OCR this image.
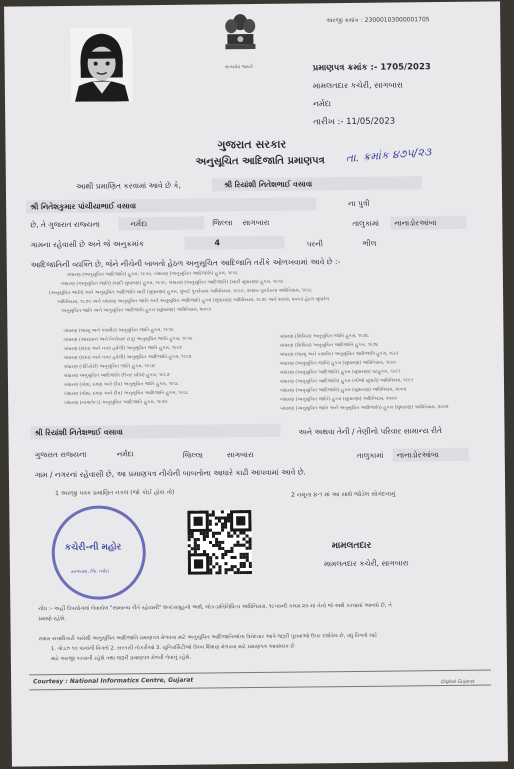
અરજી ક્રમાંક : 23000103000001705
સત્યમેવ જયતે	પ્રમાણપત્ર ક્રમાંક :- 1705/2023
મામલતદાર કચેરી, સાગબારા
નર્મદા
તારીખ :- 11/05/2023
ગુજરાત સરકાર
અનુસૂચિત આદિજાતિ પ્રમાણપત્ર તા. ક્રમાંક ૪૭૫/૨૩
આથી પ્રમાણિત કરવામાં આવે છે કે,	શ્રી રિયાંશી નિતેશભાઈ વસાવા
શ્રી નિતેશકુમાર પાંચીયાભાઈ વસાવા	ના પુત્રી
છે, તે ગુજરાત રાજ્યના	નર્મદા	જિલ્લા સાગબારા	તાલુકામાં નાનાડોરઆંબા
ગામના રહેવાસી છે અને જે અનુક્રમાંક	4	પરની	ભીલ
આદિજાતિની વ્યક્તિ છે, જેને નીચેની બાબતો હેઠળ અનુસૂચિત આદિજાતિ તરીકે ઓળખવામાં આવે છે :-
બંધારણ (અનુસૂચિત આદિજાતિ) હુકમ, ૧૯૫૦, બંધારણ (અનુસૂચિત આદિજાતિ) હુકમ, ૧૯૫૬
બંધારણ (અનુસૂચિત જાતિ) (યાદી સુધારણા) હુકમ, ૧૯૫૬, બંધારણ (અનુસૂચિત આદિજાતિ) (યાદી સુધારણા) હુકમ, ૧૯૫૬
(અનુસૂચિત જાતિ) અને અનુસૂચિત આદિજાતિ યાદી (સુધારણા) હુકમ, મુંબઈ પુનર્રચના અધિનિયમ, ૧૯૬૦, પંજાબ પુનર્રચના અધિનિયમ, ૧૯૬૬
અધિનિયમ, ૧૯૭૦ અને બંધારણ અનુસૂચિત જાતિ અને અનુસૂચિત આદિજાતિ હુકમ (સુધારણા) અધિનિયમ, ૧૯૭૬ અને ૨૦૦૨, ૨૦૦૩ હેઠળ સુધારેલ
અનુસૂચિત જાતિ અને અનુસૂચિત આદિજાતિ હુકમ (સુધારણા) અધિનિયમ, ૨૦૦૩
બંધારણ (જમ્મુ અને કાશ્મીર) અનુસૂચિત જાતિ હુકમ, ૧૯૫૬
બંધારણ (આંદામાન અને નિકોબાર ટાપુ) અનુસૂચિત જાતિ હુકમ, ૧૯૫૯
બંધારણ (દાદરા અને નગર હવેલી) અનુસૂચિત જાતિ હુકમ, ૧૯૬૨
બંધારણ (દાદરા અને નગર હવેલી) અનુસૂચિત આદિજાતિ હુકમ, ૧૯૬૨
બંધારણ (પોંડિચેરી) અનુસૂચિત જાતિ હુકમ, ૧૯૬૪
બંધારણ અનુસૂચિત આદિજાતિ (ઉત્તર પ્રદેશ) હુકમ, ૧૯૬૭
બંધારણ (ગોવા, દમણ અને દીવ) અનુસૂચિત જાતિ હુકમ, ૧૯૬૮
બંધારણ (ગોવા, દમણ અને દીવ) અનુસૂચિત આદિજાતિ હુકમ, ૧૯૬૮
બંધારણ (નાગાલેન્ડ) અનુસૂચિત આદિજાતિ હુકમ, ૧૯૭૦
બંધારણ (સિક્કિમ) અનુસૂચિત જાતિ હુકમ, ૧૯૭૮
બંધારણ (સિક્કિમ) અનુસૂચિત આદિજાતિ હુકમ, ૧૯૭૮
બંધારણ (જમ્મુ અને કાશ્મીર) અનુસૂચિત આદિજાતિ હુકમ, ૧૯૮૯
બંધારણ (અનુસૂચિત જાતિ) હુકમ (સુધારણા) અધિનિયમ, ૧૯૯૦
બંધારણ (અનુસૂચિત આદિજાતિ) હુકમ (સુધારણા) વટહુકમ, ૧૯૯૧
બંધારણ (અનુસૂચિત આદિજાતિ) હુકમ (બીજો સુધારો) અધિનિયમ, ૧૯૯૧
બંધારણ (અનુસૂચિત આદિજાતિ) હુકમ (સુધારણા) અધિનિયમ, ૨૦૦૨
બંધારણ (અનુસૂચિત જાતિ) હુકમ (સુધારણા) અધિનિયમ, ૨૦૦૨
બંધારણ (અનુસૂચિત જાતિ અને અનુસૂચિત આદિજાતિ) હુકમ (સુધારણા) અધિનિયમ, ૨૦૦૨
શ્રી રિયાંશી નિતેશભાઈ વસાવા	અને અથવા તેની / તેણીનો પરિવાર સામાન્ય રીતે
ગુજરાત રાજ્યના	નર્મદા	જિલ્લા	સાગબારા	તાલુકામાં નાનાડોરઆંબા
ગામ / નગરનાં રહેવાસી છે, આ પ્રમાણપત્ર નીચેની બાબતોના આધારે કાઢી આપવામાં આવે છે.
1 અરજી પત્રક પ્રમાણિત નકલ (જો કોઈ હોય તો)	2 નમૂના ૪-૧ માં આ સાથે જોડેલ સોગંદનામું
કચેરી-ની મહોર
સાગબારા, જિ. નર્મદા
મામલતદાર
મામલતદાર કચેરી, સાગબારા
નોંધ :- અહીં ઉપયોગમાં લેવાયેલ "સામાન્ય રીતે રહેવાસી" શબ્દસમૂહનો અર્થ, લોક-પ્રતિનિધિત્વ અધિનિયમ, ૧૯૫૦ની કલમ ૨૦ માં તેનો જે અર્થ કરવામાં આવ્યો છે, તે
પ્રમાણે રહેશે.
સક્ષમ સત્તાધિકારી પાસેથી અનુસૂચિત આદિજાતિ પ્રમાણપત્ર મેળવવા માટે અનુસૂચિત આદિજાતિઓના ઉમેદવાર આપે જરૂરી પુરાવાઓ ઉપર દર્શાવેલ છે, વધુ વિગતો માટે
1. ગોડઝ ૧૦ પાનાંની વિગતો 2. સરકારી નોકરીઓ 3. યુનિવર્સિટીઓ ઉચ્ચ શિક્ષણ મેળવવા માટે પ્રમાણપત્ર આવશ્યક છે
માટે અરજી કરવાની રહેશે તથા જરૂરી પ્રમાણપત્ર મેળવી લેવાનું રહેશે.
Courtesy : National Informatics Centre, Gujarat	Digital Gujarat
